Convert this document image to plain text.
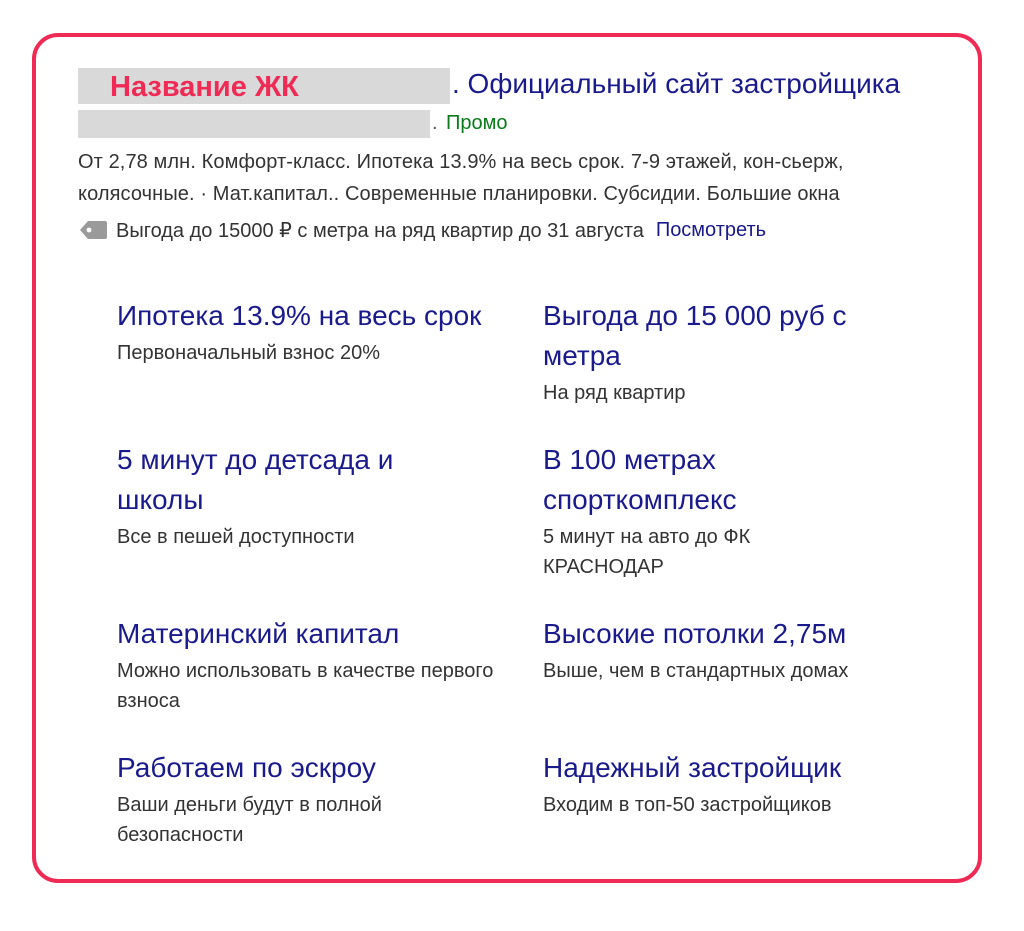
Название ЖК	. Официальный сайт застройщика
. Промо
От 2,78 млн. Комфорт-класс. Ипотека 13.9% на весь срок. 7-9 этажей, кон-сьерж, колясочные. · Мат.капитал.. Современные планировки. Субсидии. Большие окна
Выгода до 15000 ₽ с метра на ряд квартир до 31 августа Посмотреть
Ипотека 13.9% на весь срок
Первоначальный взнос 20%
Выгода до 15 000 руб с метра
На ряд квартир
5 минут до детсада и школы
Все в пешей доступности
В 100 метрах спорткомплекс
5 минут на авто до ФК КРАСНОДАР
Материнский капитал
Можно использовать в качестве первого взноса
Высокие потолки 2,75м
Выше, чем в стандартных домах
Работаем по эскроу
Ваши деньги будут в полной безопасности
Надежный застройщик
Входим в топ-50 застройщиков
